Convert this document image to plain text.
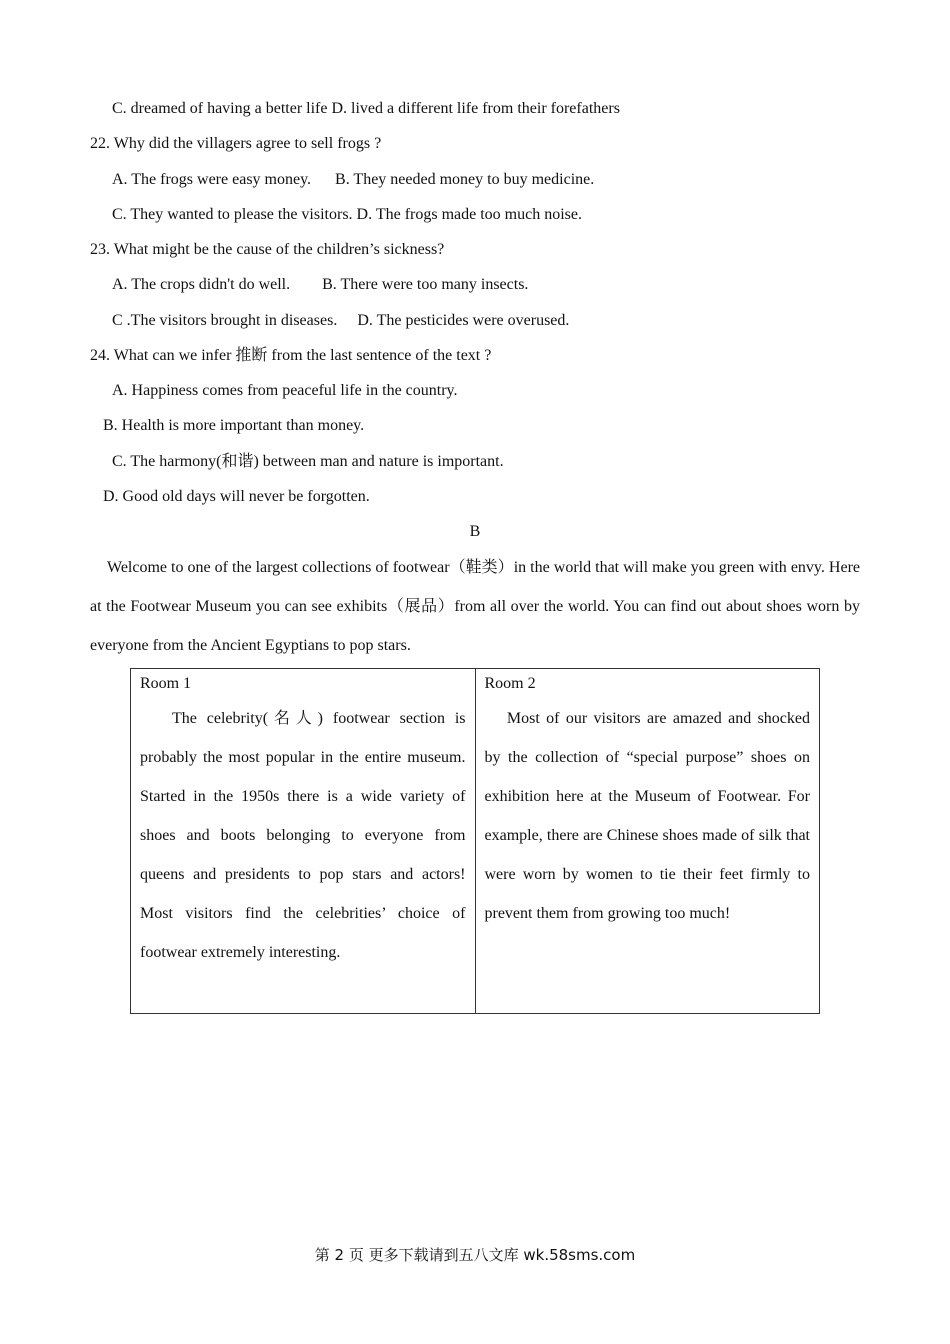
C. dreamed of having a better life D. lived a different life from their forefathers
22. Why did the villagers agree to sell frogs ?
A. The frogs were easy money.      B. They needed money to buy medicine.
C. They wanted to please the visitors. D. The frogs made too much noise.
23. What might be the cause of the children’s sickness?
A. The crops didn't do well.        B. There were too many insects.
C .The visitors brought in diseases.     D. The pesticides were overused.
24. What can we infer 推断 from the last sentence of the text ?
A. Happiness comes from peaceful life in the country.
B. Health is more important than money.
C. The harmony(和谐) between man and nature is important.
D. Good old days will never be forgotten.
B
Welcome to one of the largest collections of footwear（鞋类）in the world that will make you green with envy. Here at the Footwear Museum you can see exhibits（展品）from all over the world. You can find out about shoes worn by everyone from the Ancient Egyptians to pop stars.
Room 1
The celebrity(名人) footwear section is probably the most popular in the entire museum. Started in the 1950s there is a wide variety of shoes and boots belonging to everyone from queens and presidents to pop stars and actors! Most visitors find the celebrities’ choice of footwear extremely interesting.

Room 2
Most of our visitors are amazed and shocked by the collection of “special purpose” shoes on exhibition here at the Museum of Footwear. For example, there are Chinese shoes made of silk that were worn by women to tie their feet firmly to prevent them from growing too much!
第 2 页 更多下载请到五八文库 wk.58sms.com
